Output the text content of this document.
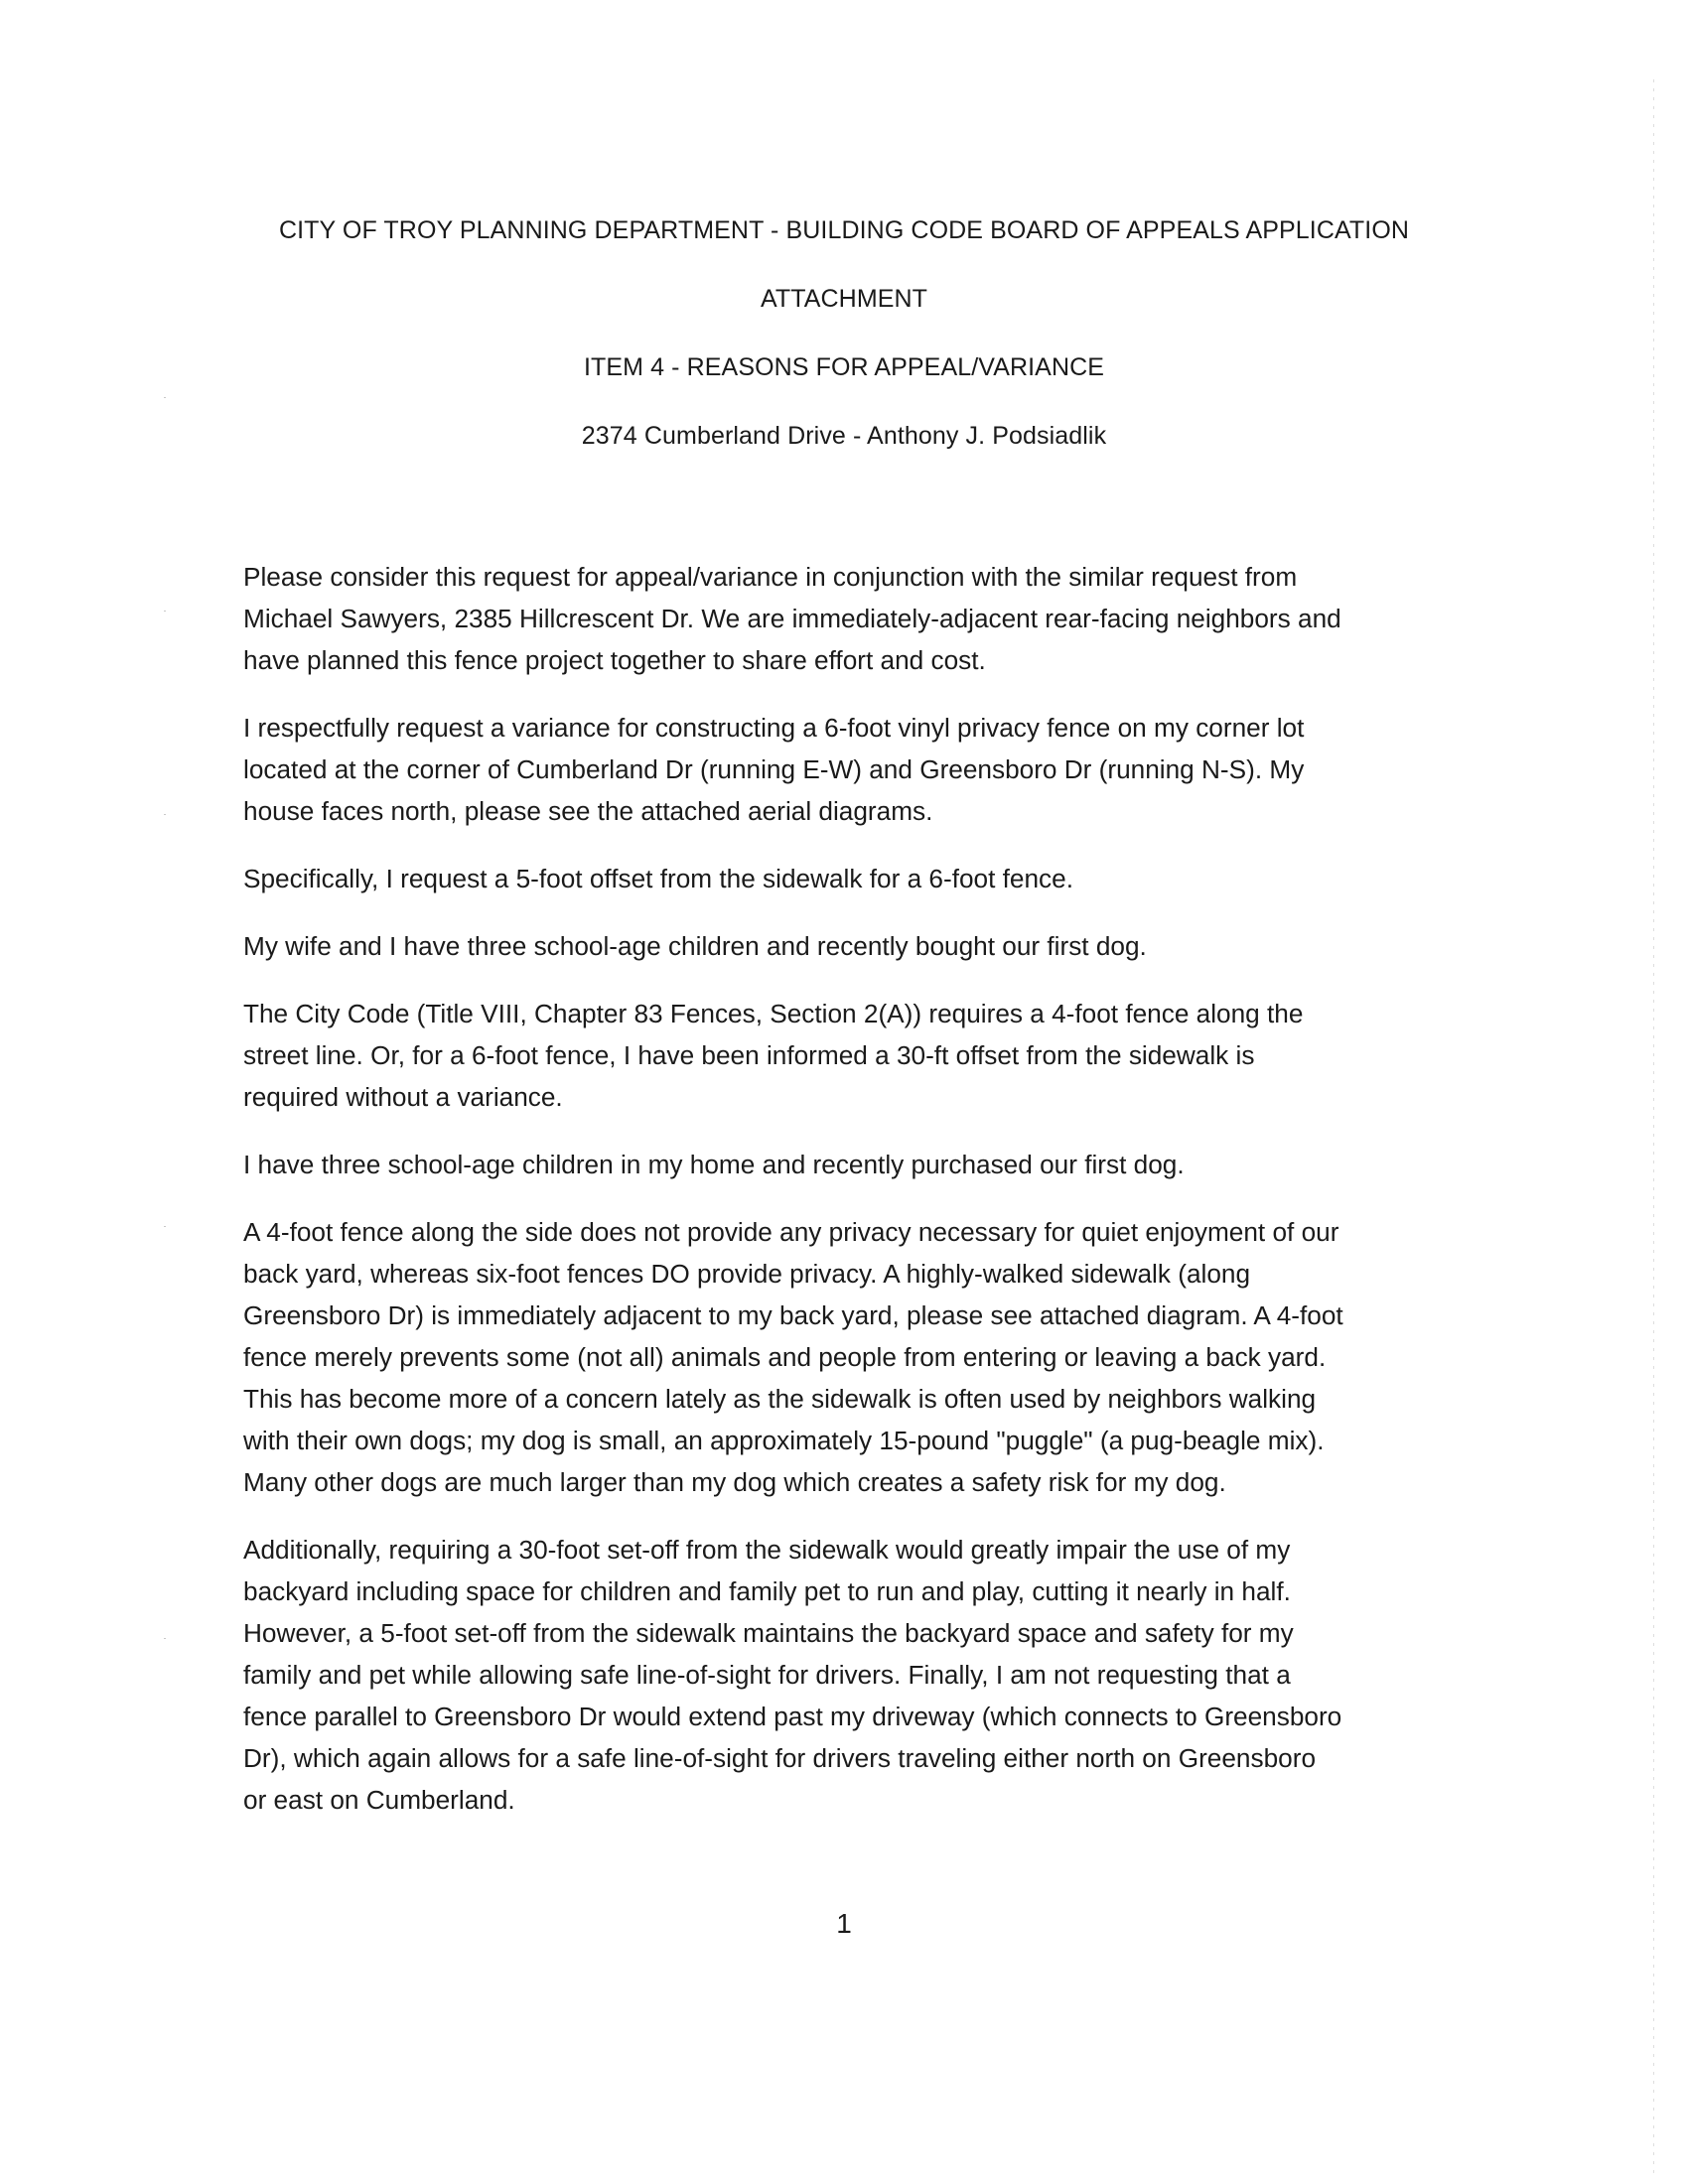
CITY OF TROY PLANNING DEPARTMENT - BUILDING CODE BOARD OF APPEALS APPLICATION
ATTACHMENT
ITEM 4 - REASONS FOR APPEAL/VARIANCE
2374 Cumberland Drive - Anthony J. Podsiadlik

Please consider this request for appeal/variance in conjunction with the similar request from
Michael Sawyers, 2385 Hillcrescent Dr. We are immediately-adjacent rear-facing neighbors and
have planned this fence project together to share effort and cost.

I respectfully request a variance for constructing a 6-foot vinyl privacy fence on my corner lot
located at the corner of Cumberland Dr (running E-W) and Greensboro Dr (running N-S). My
house faces north, please see the attached aerial diagrams.

Specifically, I request a 5-foot offset from the sidewalk for a 6-foot fence.

My wife and I have three school-age children and recently bought our first dog.

The City Code (Title VIII, Chapter 83 Fences, Section 2(A)) requires a 4-foot fence along the
street line. Or, for a 6-foot fence, I have been informed a 30-ft offset from the sidewalk is
required without a variance.

I have three school-age children in my home and recently purchased our first dog.

A 4-foot fence along the side does not provide any privacy necessary for quiet enjoyment of our
back yard, whereas six-foot fences DO provide privacy. A highly-walked sidewalk (along
Greensboro Dr) is immediately adjacent to my back yard, please see attached diagram. A 4-foot
fence merely prevents some (not all) animals and people from entering or leaving a back yard.
This has become more of a concern lately as the sidewalk is often used by neighbors walking
with their own dogs; my dog is small, an approximately 15-pound "puggle" (a pug-beagle mix).
Many other dogs are much larger than my dog which creates a safety risk for my dog.

Additionally, requiring a 30-foot set-off from the sidewalk would greatly impair the use of my
backyard including space for children and family pet to run and play, cutting it nearly in half.
However, a 5-foot set-off from the sidewalk maintains the backyard space and safety for my
family and pet while allowing safe line-of-sight for drivers. Finally, I am not requesting that a
fence parallel to Greensboro Dr would extend past my driveway (which connects to Greensboro
Dr), which again allows for a safe line-of-sight for drivers traveling either north on Greensboro
or east on Cumberland.

1
